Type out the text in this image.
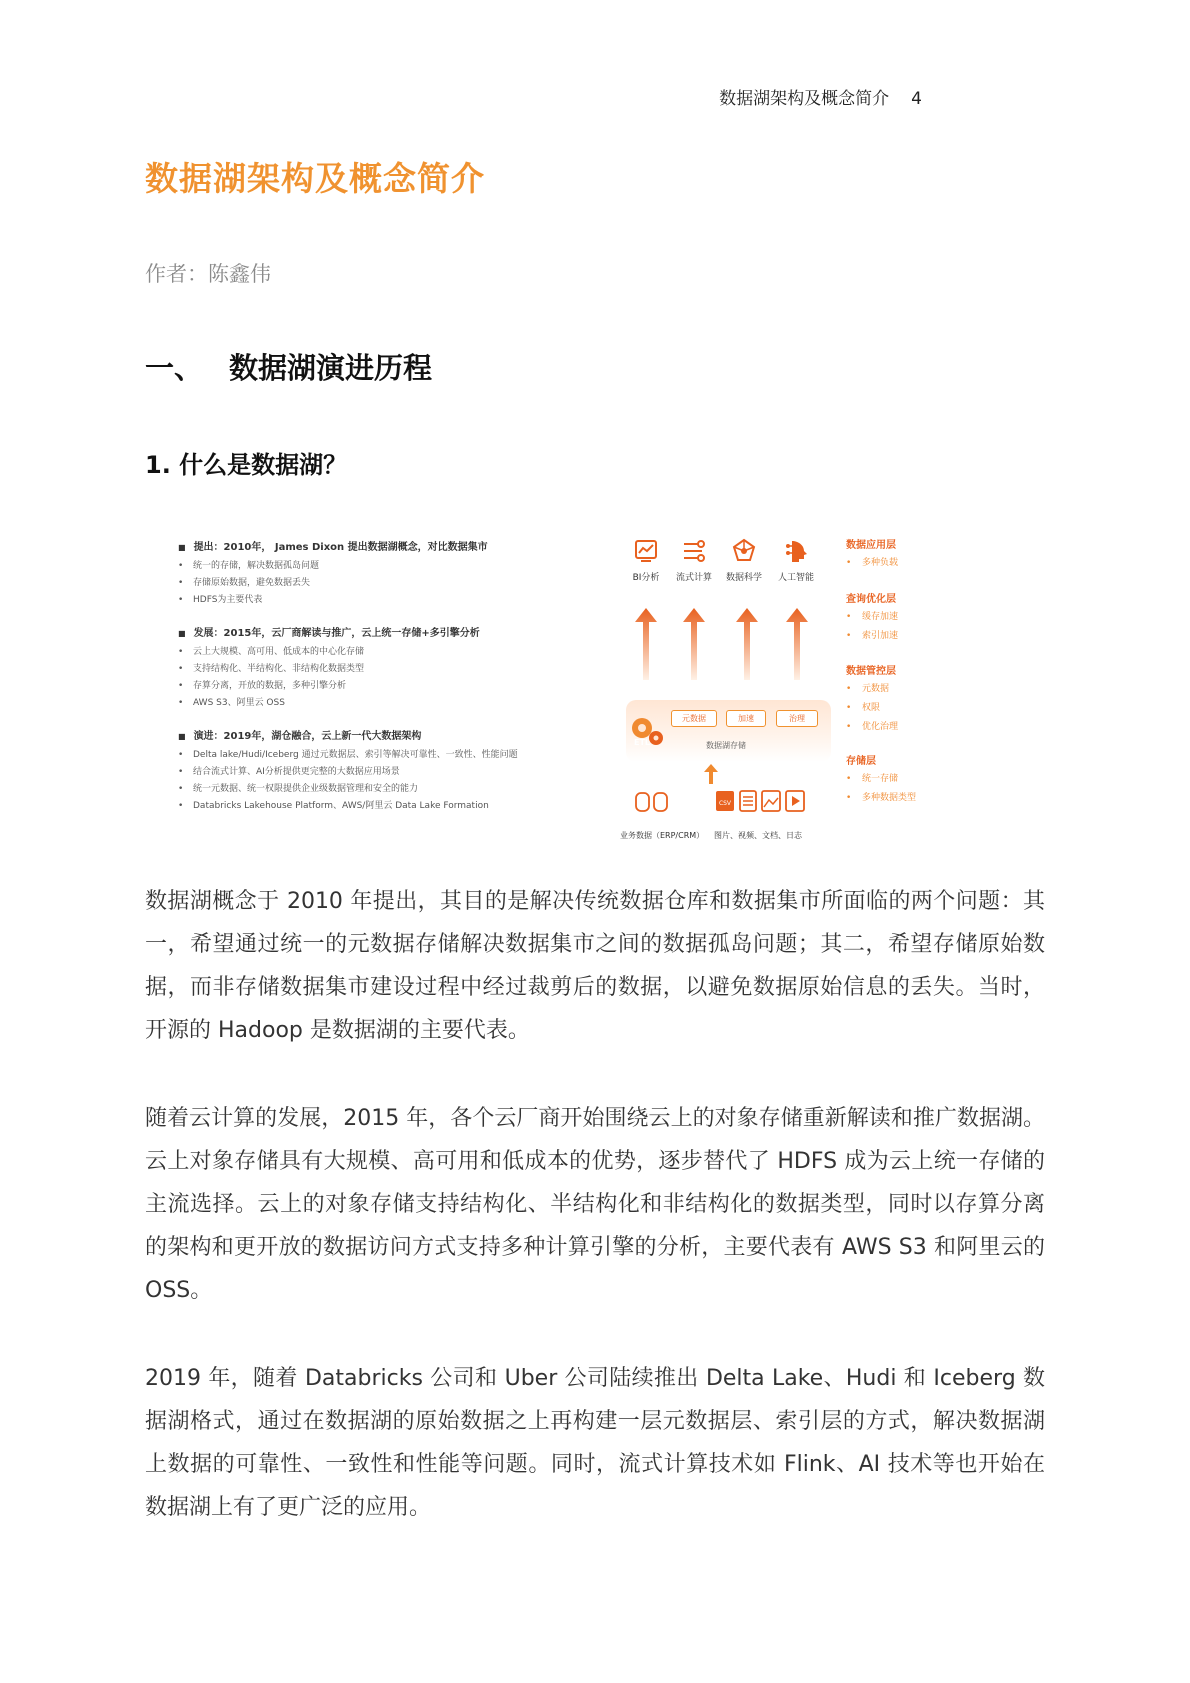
数据湖架构及概念简介 4
数据湖架构及概念简介
作者：陈鑫伟
一、 数据湖演进历程
1. 什么是数据湖？
■ 提出：2010年， James Dixon 提出数据湖概念，对比数据集市
• 统一的存储，解决数据孤岛问题
• 存储原始数据，避免数据丢失
• HDFS为主要代表
■ 发展：2015年，云厂商解读与推广，云上统一存储+多引擎分析
• 云上大规模、高可用、低成本的中心化存储
• 支持结构化、半结构化、非结构化数据类型
• 存算分离，开放的数据，多种引擎分析
• AWS S3、阿里云 OSS
■ 演进：2019年，湖仓融合，云上新一代大数据架构
• Delta lake/Hudi/Iceberg 通过元数据层、索引等解决可靠性、一致性、性能问题
• 结合流式计算、AI分析提供更完整的大数据应用场景
• 统一元数据、统一权限提供企业级数据管理和安全的能力
• Databricks Lakehouse Platform、AWS/阿里云 Data Lake Formation
BI分析	流式计算	数据科学	人工智能
ETL
元数据	加速	治理
数据湖存储
CSV
业务数据（ERP/CRM） 图片、视频、文档、日志
数据应用层
• 多种负载
查询优化层
• 缓存加速
• 索引加速
数据管控层
• 元数据
• 权限
• 优化治理
存储层
• 统一存储
• 多种数据类型

数据湖概念于 2010 年提出，其目的是解决传统数据仓库和数据集市所面临的两个问题：其一，希望通过统一的元数据存储解决数据集市之间的数据孤岛问题；其二，希望存储原始数据，而非存储数据集市建设过程中经过裁剪后的数据，以避免数据原始信息的丢失。当时，开源的 Hadoop 是数据湖的主要代表。

随着云计算的发展，2015 年，各个云厂商开始围绕云上的对象存储重新解读和推广数据湖。云上对象存储具有大规模、高可用和低成本的优势，逐步替代了 HDFS 成为云上统一存储的主流选择。云上的对象存储支持结构化、半结构化和非结构化的数据类型，同时以存算分离的架构和更开放的数据访问方式支持多种计算引擎的分析，主要代表有 AWS S3 和阿里云的 OSS。

2019 年，随着 Databricks 公司和 Uber 公司陆续推出 Delta Lake、Hudi 和 Iceberg 数据湖格式，通过在数据湖的原始数据之上再构建一层元数据层、索引层的方式，解决数据湖上数据的可靠性、一致性和性能等问题。同时，流式计算技术如 Flink、AI 技术等也开始在数据湖上有了更广泛的应用。
